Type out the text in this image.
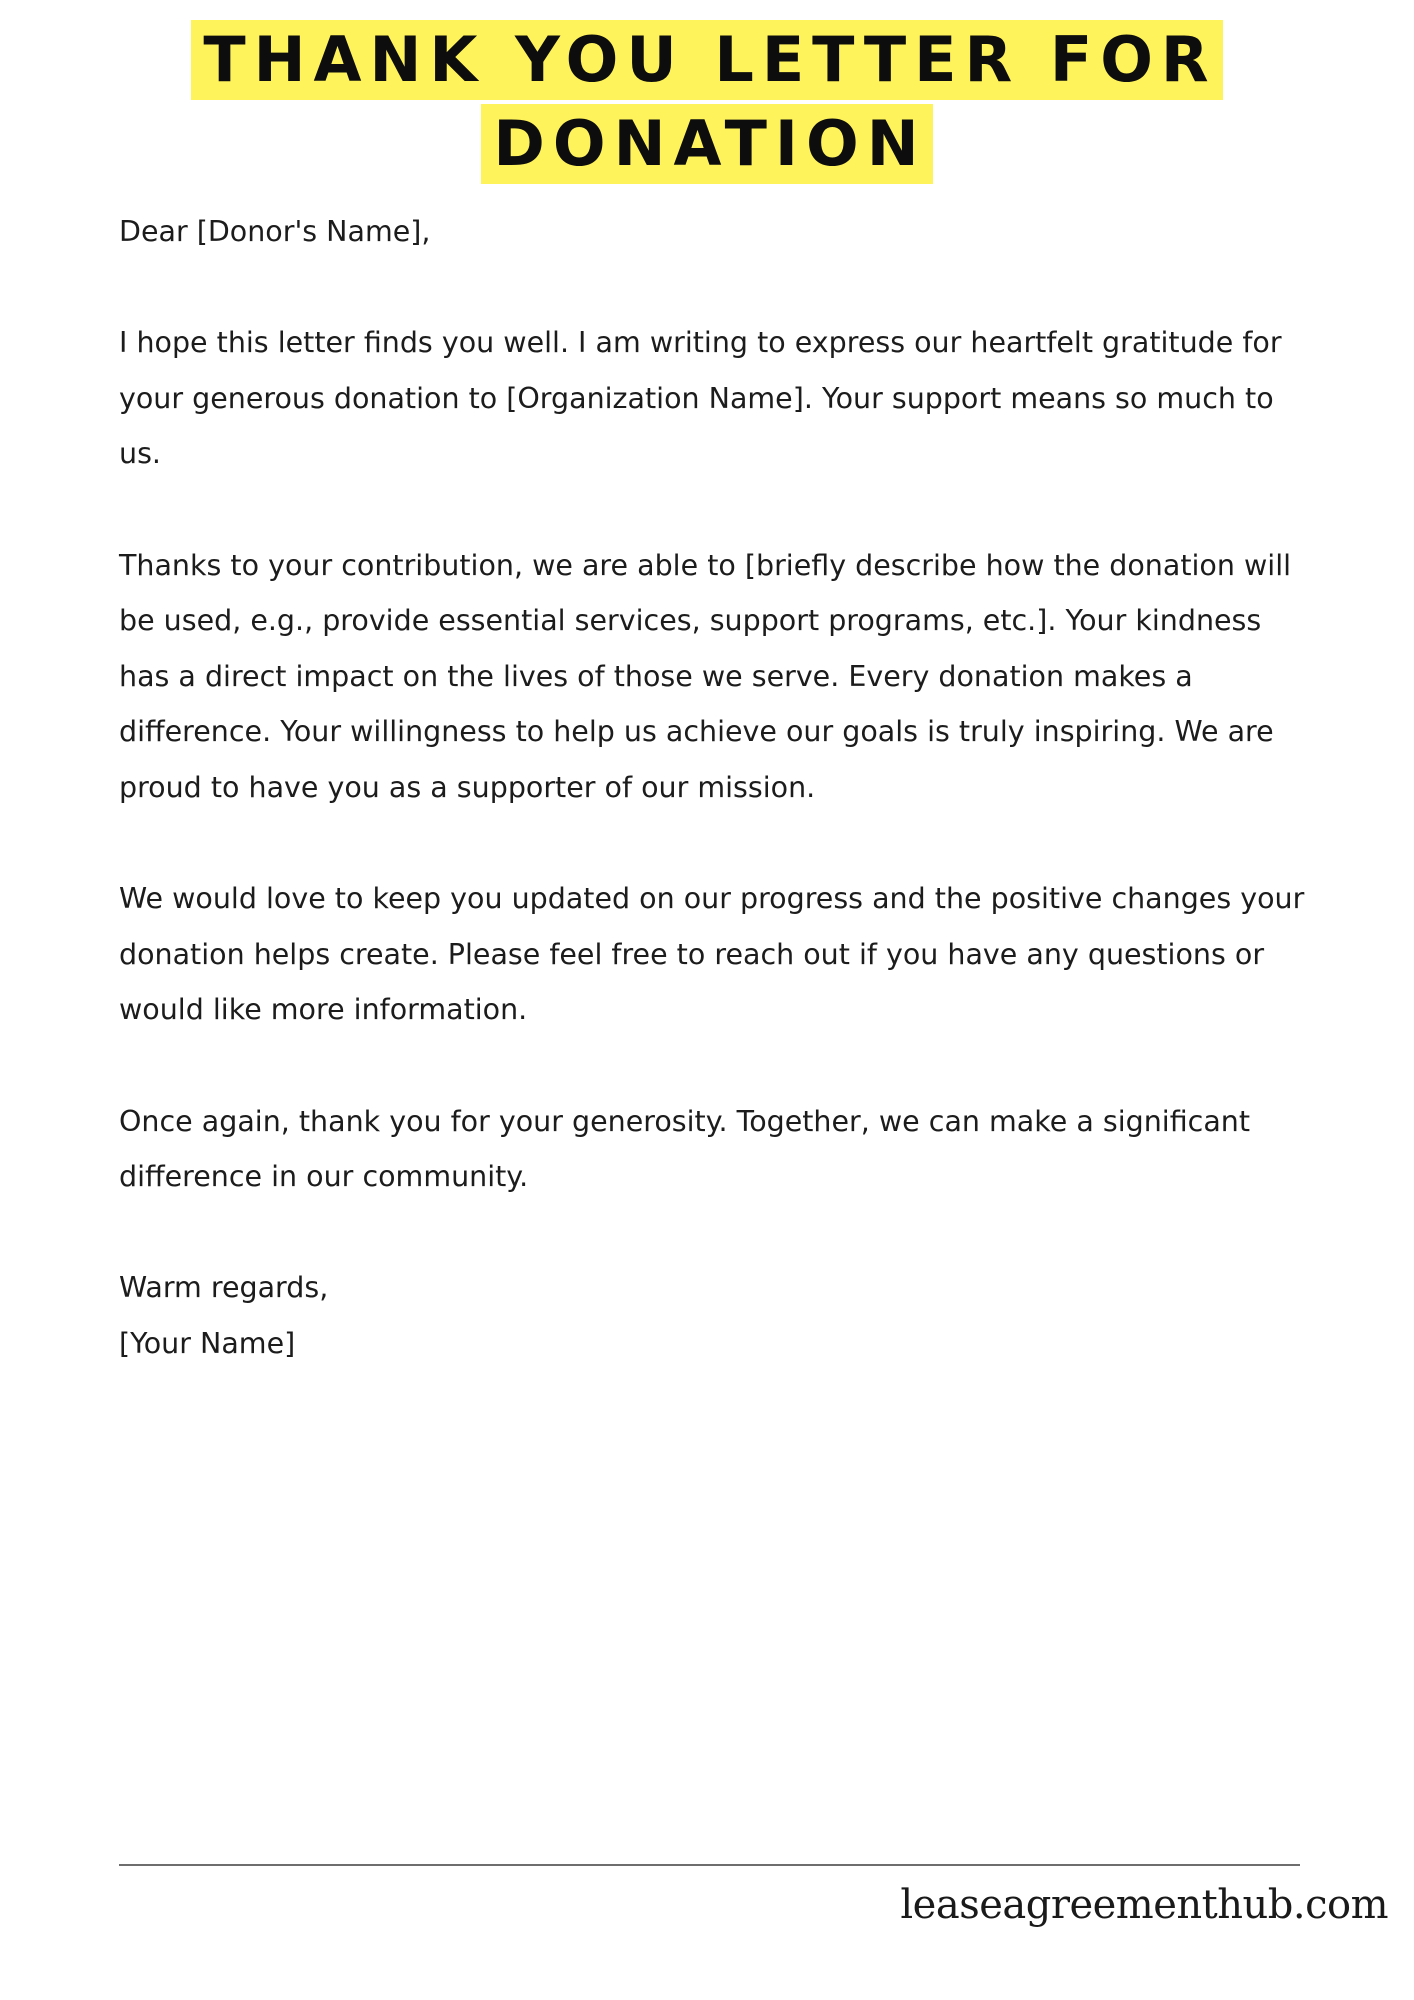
THANK YOU LETTER FOR
DONATION

Dear [Donor's Name],

I hope this letter finds you well. I am writing to express our heartfelt gratitude for your generous donation to [Organization Name]. Your support means so much to us.

Thanks to your contribution, we are able to [briefly describe how the donation will be used, e.g., provide essential services, support programs, etc.]. Your kindness has a direct impact on the lives of those we serve. Every donation makes a difference. Your willingness to help us achieve our goals is truly inspiring. We are proud to have you as a supporter of our mission.

We would love to keep you updated on our progress and the positive changes your donation helps create. Please feel free to reach out if you have any questions or would like more information.

Once again, thank you for your generosity. Together, we can make a significant difference in our community.

Warm regards,
[Your Name]
leaseagreementhub.com
